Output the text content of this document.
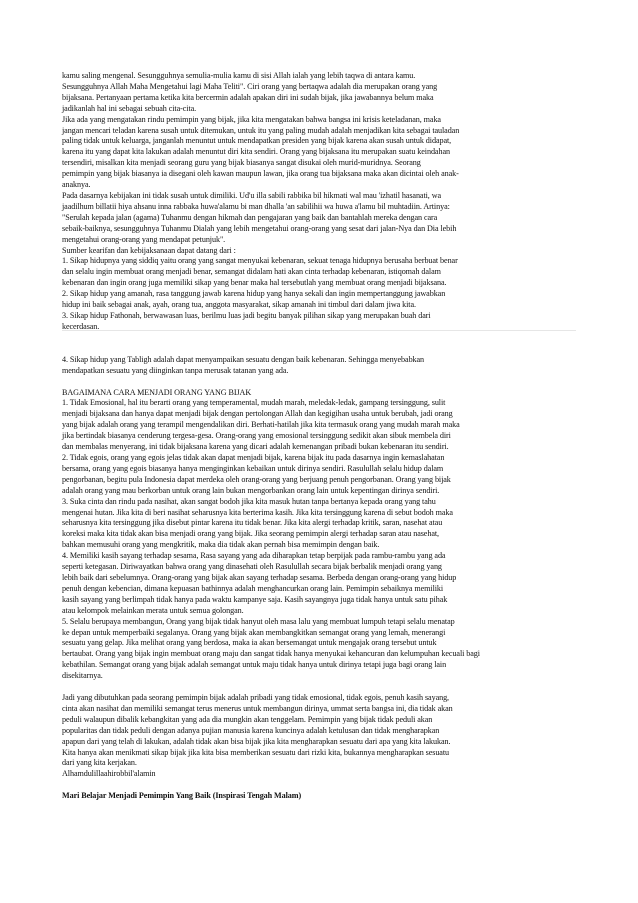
kamu saling mengenal. Sesungguhnya semulia-mulia kamu di sisi Allah ialah yang lebih taqwa di antara kamu.
Sesungguhnya Allah Maha Mengetahui lagi Maha Teliti". Ciri orang yang bertaqwa adalah dia merupakan orang yang
bijaksana. Pertanyaan pertama ketika kita bercermin adalah apakan diri ini sudah bijak, jika jawabannya belum maka
jadikanlah hal ini sebagai sebuah cita-cita.
Jika ada yang mengatakan rindu pemimpin yang bijak, jika kita mengatakan bahwa bangsa ini krisis keteladanan, maka
jangan mencari teladan karena susah untuk ditemukan, untuk itu yang paling mudah adalah menjadikan kita sebagai tauladan
paling tidak untuk keluarga, janganlah menuntut untuk mendapatkan presiden yang bijak karena akan susah untuk didapat,
karena itu yang dapat kita lakukan adalah menuntut diri kita sendiri. Orang yang bijaksana itu merupakan suatu keindahan
tersendiri, misalkan kita menjadi seorang guru yang bijak biasanya sangat disukai oleh murid-muridnya. Seorang
pemimpin yang bijak biasanya ia disegani oleh kawan maupun lawan, jika orang tua bijaksana maka akan dicintai oleh anak-
anaknya.
Pada dasarnya kebijakan ini tidak susah untuk dimiliki. Ud'u illa sabili rabbika bil hikmati wal mau 'izhatil hasanati, wa
jaadilhum billatii hiya ahsanu inna rabbaka huwa'alamu bi man dhalla 'an sabilihii wa huwa a'lamu bil muhtadiin. Artinya:
"Serulah kepada jalan (agama) Tuhanmu dengan hikmah dan pengajaran yang baik dan bantahlah mereka dengan cara
sebaik-baiknya, sesungguhnya Tuhanmu Dialah yang lebih mengetahui orang-orang yang sesat dari jalan-Nya dan Dia lebih
mengetahui orang-orang yang mendapat petunjuk".
Sumber kearifan dan kebijaksanaan dapat datang dari :
1. Sikap hidupnya yang siddiq yaitu orang yang sangat menyukai kebenaran, sekuat tenaga hidupnya berusaha berbuat benar
dan selalu ingin membuat orang menjadi benar, semangat didalam hati akan cinta terhadap kebenaran, istiqomah dalam
kebenaran dan ingin orang juga memiliki sikap yang benar maka hal tersebutlah yang membuat orang menjadi bijaksana.
2. Sikap hidup yang amanah, rasa tanggung jawab karena hidup yang hanya sekali dan ingin mempertanggung jawabkan
hidup ini baik sebagai anak, ayah, orang tua, anggota masyarakat, sikap amanah ini timbul dari dalam jiwa kita.
3. Sikap hidup Fathonah, berwawasan luas, berilmu luas jadi begitu banyak pilihan sikap yang merupakan buah dari
kecerdasan.

4. Sikap hidup yang Tabligh adalah dapat menyampaikan sesuatu dengan baik kebenaran. Sehingga menyebabkan
mendapatkan sesuatu yang diinginkan tanpa merusak tatanan yang ada.

BAGAIMANA CARA MENJADI ORANG YANG BIJAK
1. Tidak Emosional, hal itu berarti orang yang temperamental, mudah marah, meledak-ledak, gampang tersinggung, sulit
menjadi bijaksana dan hanya dapat menjadi bijak dengan pertolongan Allah dan kegigihan usaha untuk berubah, jadi orang
yang bijak adalah orang yang terampil mengendalikan diri. Berhati-hatilah jika kita termasuk orang yang mudah marah maka
jika bertindak biasanya cenderung tergesa-gesa. Orang-orang yang emosional tersinggung sedikit akan sibuk membela diri
dan membalas menyerang, ini tidak bijaksana karena yang dicari adalah kemenangan pribadi bukan kebenaran itu sendiri.
2. Tidak egois, orang yang egois jelas tidak akan dapat menjadi bijak, karena bijak itu pada dasarnya ingin kemaslahatan
bersama, orang yang egois biasanya hanya menginginkan kebaikan untuk dirinya sendiri. Rasulullah selalu hidup dalam
pengorbanan, begitu pula Indonesia dapat merdeka oleh orang-orang yang berjuang penuh pengorbanan. Orang yang bijak
adalah orang yang mau berkorban untuk orang lain bukan mengorbankan orang lain untuk kepentingan dirinya sendiri.
3. Suka cinta dan rindu pada nasihat, akan sangat bodoh jika kita masuk hutan tanpa bertanya kepada orang yang tahu
mengenai hutan. Jika kita di beri nasihat seharusnya kita berterima kasih. Jika kita tersinggung karena di sebut bodoh maka
seharusnya kita tersinggung jika disebut pintar karena itu tidak benar. Jika kita alergi terhadap kritik, saran, nasehat atau
koreksi maka kita tidak akan bisa menjadi orang yang bijak. Jika seorang pemimpin alergi terhadap saran atau nasehat,
bahkan memusuhi orang yang mengkritik, maka dia tidak akan pernah bisa memimpin dengan baik.
4. Memiliki kasih sayang terhadap sesama, Rasa sayang yang ada diharapkan tetap berpijak pada rambu-rambu yang ada
seperti ketegasan. Diriwayatkan bahwa orang yang dinasehati oleh Rasulullah secara bijak berbalik menjadi orang yang
lebih baik dari sebelumnya. Orang-orang yang bijak akan sayang terhadap sesama. Berbeda dengan orang-orang yang hidup
penuh dengan kebencian, dimana kepuasan bathinnya adalah menghancurkan orang lain. Pemimpin sebaiknya memiliki
kasih sayang yang berlimpah tidak hanya pada waktu kampanye saja. Kasih sayangnya juga tidak hanya untuk satu pihak
atau kelompok melainkan merata untuk semua golongan.
5. Selalu berupaya membangun, Orang yang bijak tidak hanyut oleh masa lalu yang membuat lumpuh tetapi selalu menatap
ke depan untuk memperbaiki segalanya. Orang yang bijak akan membangkitkan semangat orang yang lemah, menerangi
sesuatu yang gelap. Jika melihat orang yang berdosa, maka ia akan bersemangat untuk mengajak orang tersebut untuk
bertaubat. Orang yang bijak ingin membuat orang maju dan sangat tidak hanya menyukai kehancuran dan kelumpuhan kecuali bagi
kebathilan. Semangat orang yang bijak adalah semangat untuk maju tidak hanya untuk dirinya tetapi juga bagi orang lain
disekitarnya.

Jadi yang dibutuhkan pada seorang pemimpin bijak adalah pribadi yang tidak emosional, tidak egois, penuh kasih sayang,
cinta akan nasihat dan memiliki semangat terus menerus untuk membangun dirinya, ummat serta bangsa ini, dia tidak akan
peduli walaupun dibalik kebangkitan yang ada dia mungkin akan tenggelam. Pemimpin yang bijak tidak peduli akan
popularitas dan tidak peduli dengan adanya pujian manusia karena kuncinya adalah ketulusan dan tidak mengharapkan
apapun dari yang telah di lakukan, adalah tidak akan bisa bijak jika kita mengharapkan sesuatu dari apa yang kita lakukan.
Kita hanya akan menikmati sikap bijak jika kita bisa memberikan sesuatu dari rizki kita, bukannya mengharapkan sesuatu
dari yang kita kerjakan.
Alhamdulillaahirobbil'alamin

Mari Belajar Menjadi Pemimpin Yang Baik (Inspirasi Tengah Malam)
